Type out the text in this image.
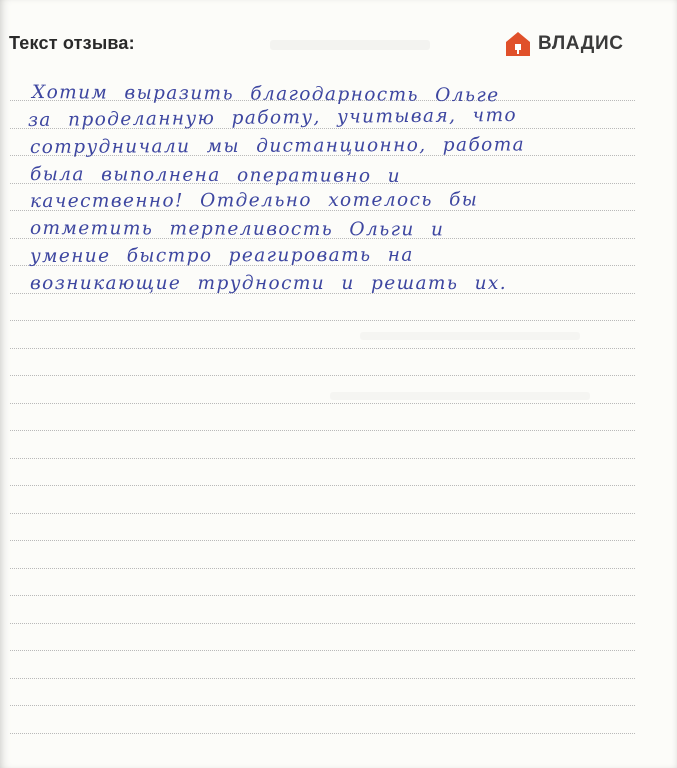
Текст отзыва:	ВЛАДИС
Хотим выразить благодарность Ольге
за проделанную работу, учитывая, что
сотрудничали мы дистанционно, работа
была выполнена оперативно и
качественно! Отдельно хотелось бы
отметить терпеливость Ольги и
умение быстро реагировать на
возникающие трудности и решать их.
